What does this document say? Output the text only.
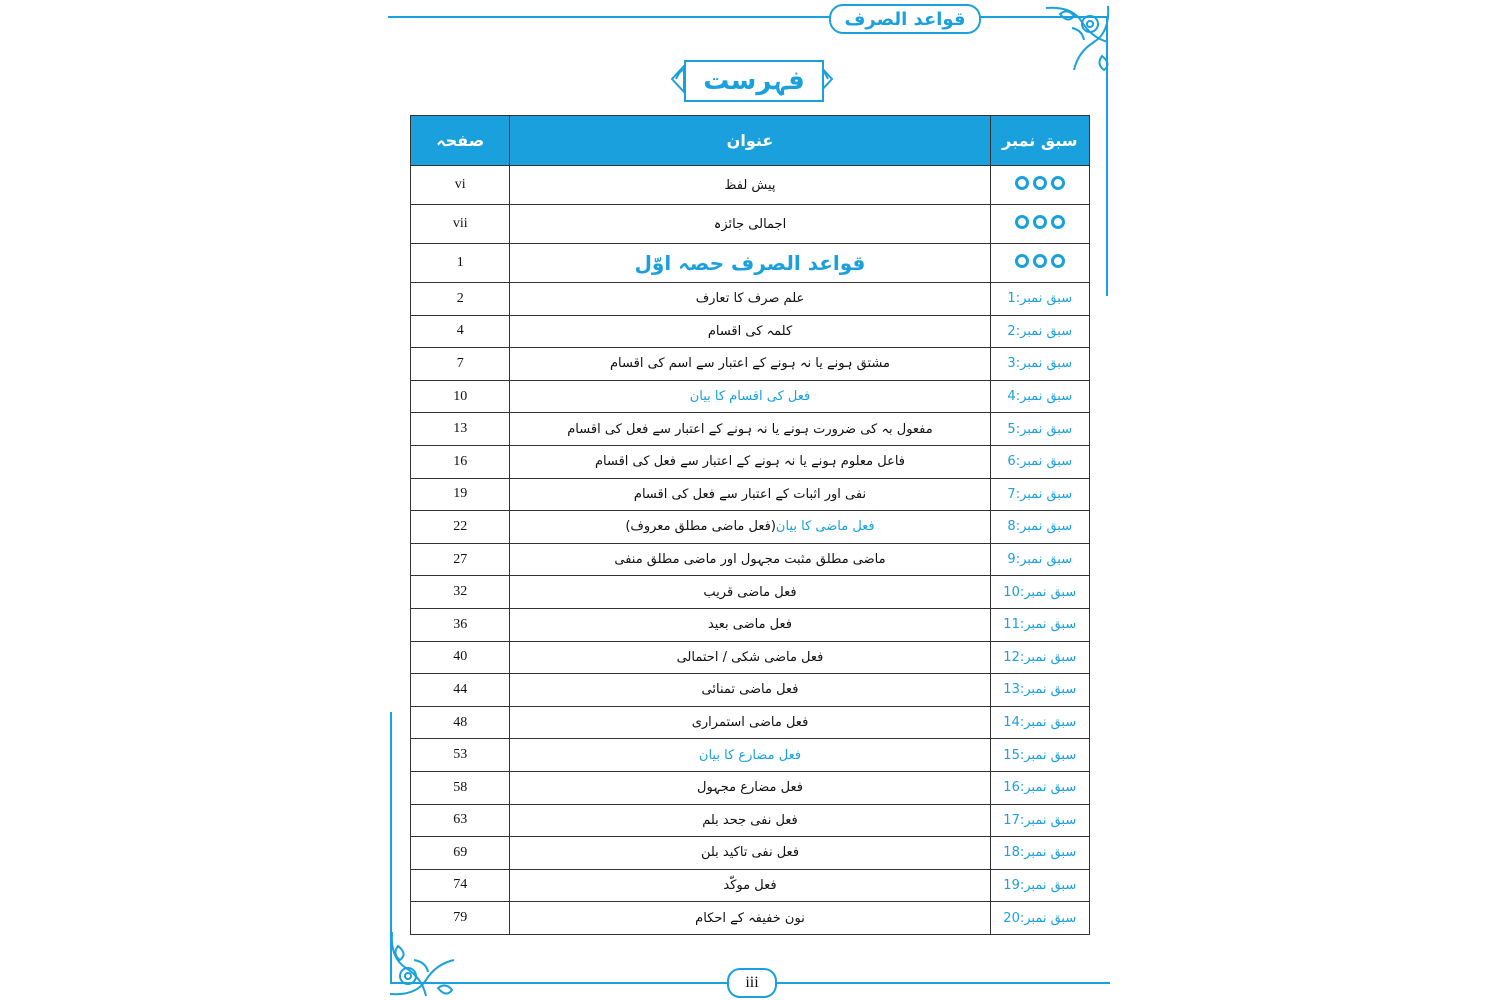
قواعد الصرف
فہرست
صفحہ	عنوان	سبق نمبر
vi	پیش لفظ	

vii	اجمالی جائزہ	

1	قواعد الصرف حصہ اوّل	

2	علم صرف کا تعارف	سبق نمبر:1
4	کلمہ کی اقسام	سبق نمبر:2
7	مشتق ہونے یا نہ ہونے کے اعتبار سے اسم کی اقسام	سبق نمبر:3
10	فعل کی اقسام کا بیان	سبق نمبر:4
13	مفعول بہ کی ضرورت ہونے یا نہ ہونے کے اعتبار سے فعل کی اقسام	سبق نمبر:5
16	فاعل معلوم ہونے یا نہ ہونے کے اعتبار سے فعل کی اقسام	سبق نمبر:6
19	نفی اور اثبات کے اعتبار سے فعل کی اقسام	سبق نمبر:7
22	فعل ماضی کا بیان(فعل ماضی مطلق معروف)	سبق نمبر:8
27	ماضی مطلق مثبت مجہول اور ماضی مطلق منفی	سبق نمبر:9
32	فعل ماضی قریب	سبق نمبر:10
36	فعل ماضی بعید	سبق نمبر:11
40	فعل ماضی شکی / احتمالی	سبق نمبر:12
44	فعل ماضی تمنائی	سبق نمبر:13
48	فعل ماضی استمراری	سبق نمبر:14
53	فعل مضارع کا بیان	سبق نمبر:15
58	فعل مضارع مجہول	سبق نمبر:16
63	فعل نفی جحد بلم	سبق نمبر:17
69	فعل نفی تاکید بلن	سبق نمبر:18
74	فعل موکّد	سبق نمبر:19
79	نون خفیفہ کے احکام	سبق نمبر:20
iii
